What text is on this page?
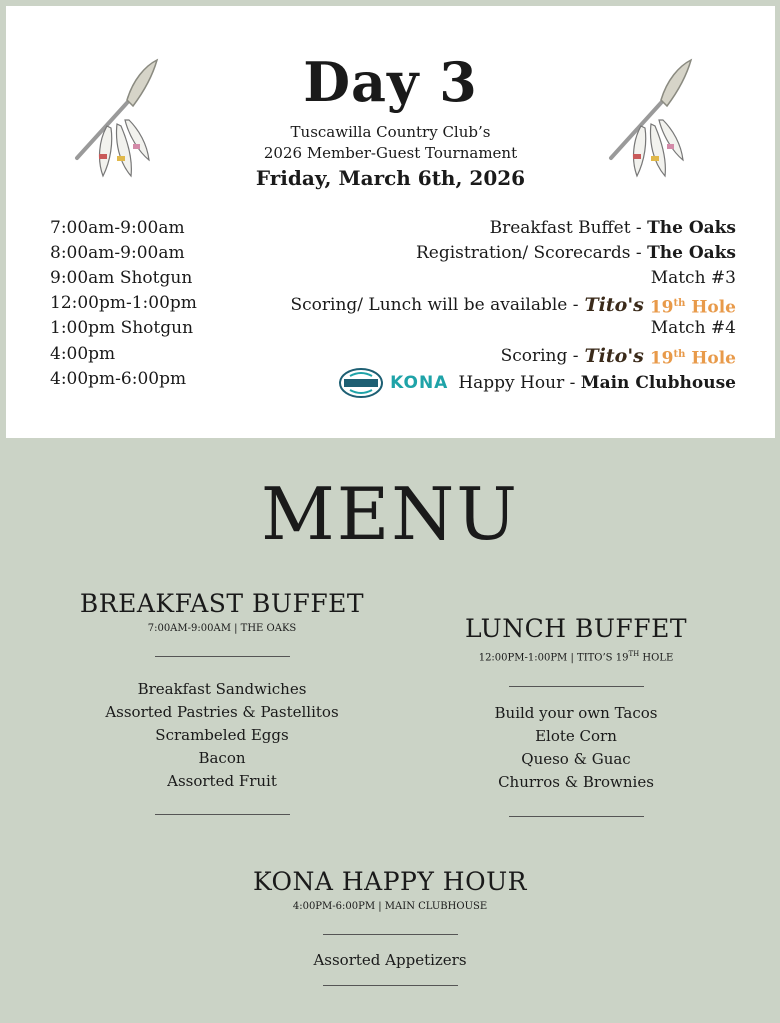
Day 3
Tuscawilla Country Club’s
2026 Member-Guest Tournament
Friday, March 6th, 2026
7:00am-9:00am	Breakfast Buffet - The Oaks
8:00am-9:00am	Registration/ Scorecards - The Oaks
9:00am Shotgun	Match #3
12:00pm-1:00pm	Scoring/ Lunch will be available - Tito's 19th Hole
1:00pm Shotgun	Match #4
4:00pm	Scoring - Tito's 19th Hole
4:00pm-6:00pm	KONA Happy Hour - Main Clubhouse
MENU
BREAKFAST BUFFET
7:00AM-9:00AM | THE OAKS
Breakfast Sandwiches
Assorted Pastries & Pastellitos
Scrambeled Eggs
Bacon
Assorted Fruit
LUNCH BUFFET
12:00PM-1:00PM | TITO’S 19TH HOLE
Build your own Tacos
Elote Corn
Queso & Guac
Churros & Brownies
KONA HAPPY HOUR
4:00PM-6:00PM | MAIN CLUBHOUSE
Assorted Appetizers
